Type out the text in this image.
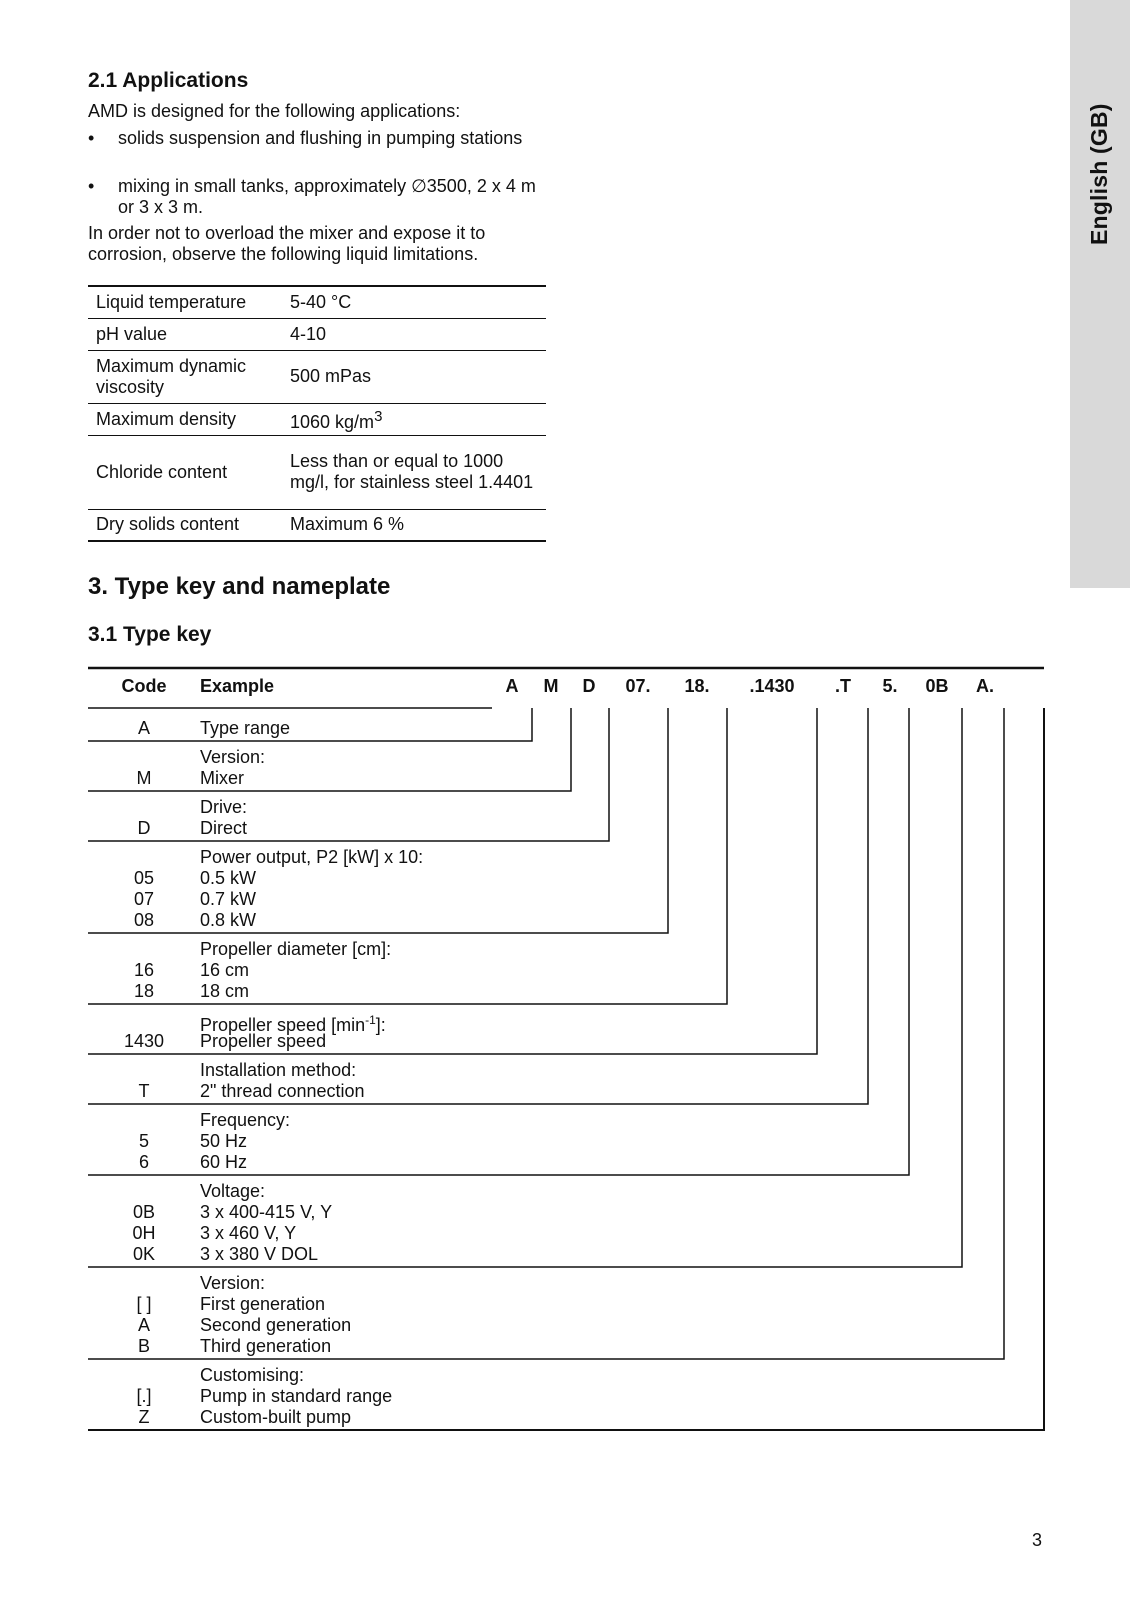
English (GB)
2.1 Applications
AMD is designed for the following applications:
• solids suspension and flushing in pumping stations
• mixing in small tanks, approximately ∅3500, 2 x 4 m or 3 x 3 m.
In order not to overload the mixer and expose it to corrosion, observe the following liquid limitations.
Liquid temperature	5-40 °C
pH value	4-10
Maximum dynamic viscosity	500 mPas
Maximum density	1060 $kg/m^3$
Chloride content	Less than or equal to 1000 mg/l, for stainless steel 1.4401
Dry solids content	Maximum 6 %
3. Type key and nameplate
3.1 Type key
Code	Example	A	M	D	07.	18.	.1430	.T	5.	0B	A.
A	Type range
Version:
M	Mixer
Drive:
D	Direct
Power output, P2 [kW] x 10:
05	0.5 kW
07	0.7 kW
08	0.8 kW
Propeller diameter [cm]:
16	16 cm
18	18 cm
Propeller speed $[\min^{-1}]$:
1430	Propeller speed
Installation method:
T	2" thread connection
Frequency:
5	50 Hz
6	60 Hz
Voltage:
0B	3 x 400-415 V, Y
0H	3 x 460 V, Y
0K	3 x 380 V DOL
Version:
[ ]	First generation
A	Second generation
B	Third generation
Customising:
[.]	Pump in standard range
Z	Custom-built pump
3
